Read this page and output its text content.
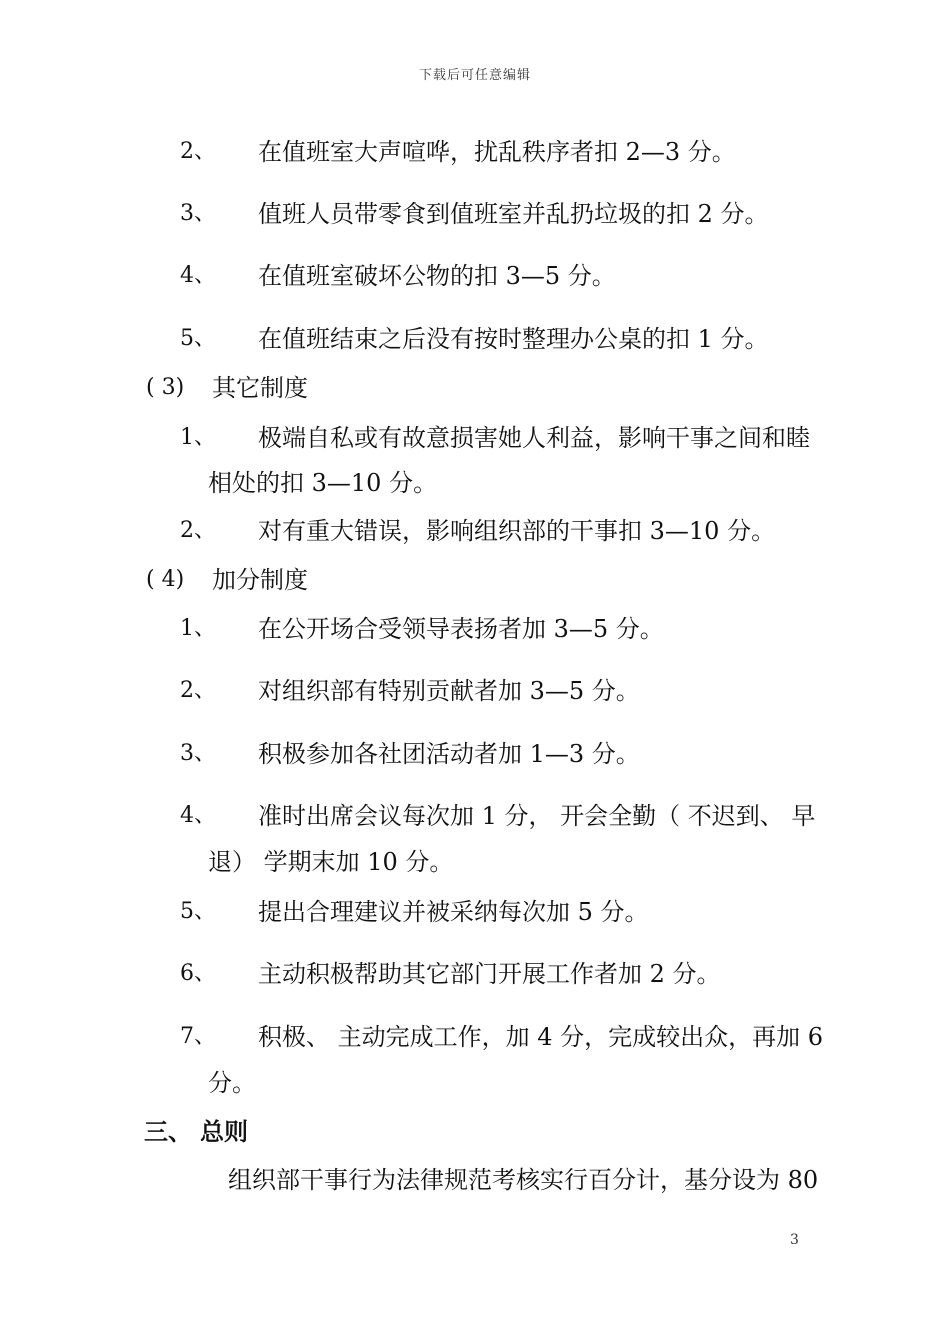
下载后可任意编辑
2、 在值班室大声喧哗，扰乱秩序者扣 2—3 分。
3、 值班人员带零食到值班室并乱扔垃圾的扣 2 分。
4、 在值班室破坏公物的扣 3—5 分。
5、 在值班结束之后没有按时整理办公桌的扣 1 分。
( 3) 其它制度
1、 极端自私或有故意损害她人利益，影响干事之间和睦
相处的扣 3—10 分。
2、 对有重大错误，影响组织部的干事扣 3—10 分。
( 4) 加分制度
1、 在公开场合受领导表扬者加 3—5 分。
2、 对组织部有特别贡献者加 3—5 分。
3、 积极参加各社团活动者加 1—3 分。
4、 准时出席会议每次加 1 分， 开会全勤（ 不迟到、 早
退） 学期末加 10 分。
5、 提出合理建议并被采纳每次加 5 分。
6、 主动积极帮助其它部门开展工作者加 2 分。
7、 积极、 主动完成工作，加 4 分，完成较出众，再加 6
分。
三、 总则
组织部干事行为法律规范考核实行百分计，基分设为 80
3
